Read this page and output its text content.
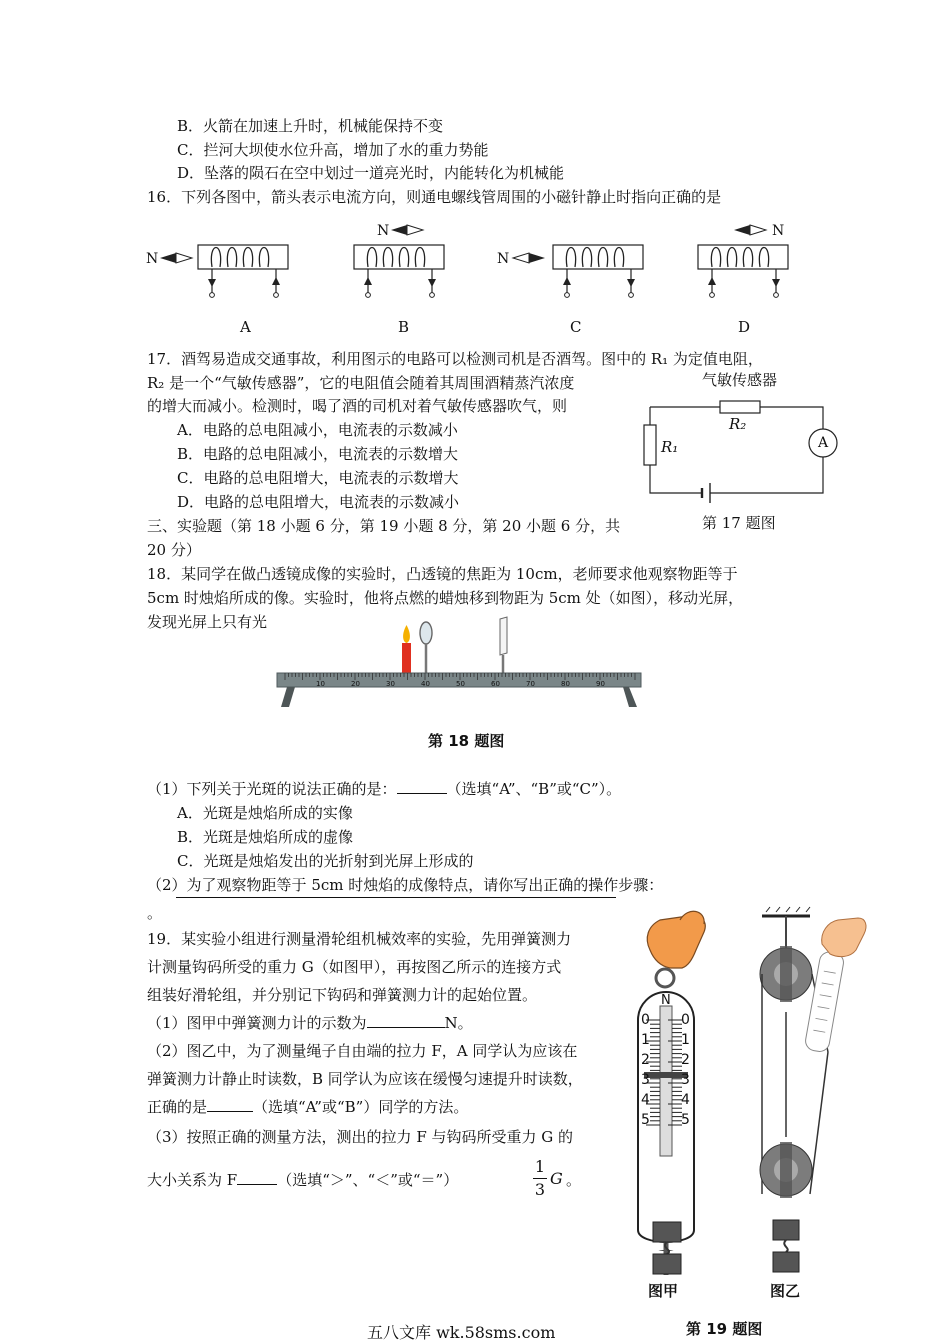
B．火箭在加速上升时，机械能保持不变
C．拦河大坝使水位升高，增加了水的重力势能
D．坠落的陨石在空中划过一道亮光时，内能转化为机械能
16．下列各图中，箭头表示电流方向，则通电螺线管周围的小磁针静止时指向正确的是
N
N
N
N
A	B	C	D
17．酒驾易造成交通事故，利用图示的电路可以检测司机是否酒驾。图中的 R₁ 为定值电阻，
R₂ 是一个“气敏传感器”，它的电阻值会随着其周围酒精蒸汽浓度
的增大而减小。检测时，喝了酒的司机对着气敏传感器吹气，则
A．电路的总电阻减小，电流表的示数减小
B．电路的总电阻减小，电流表的示数增大
C．电路的总电阻增大，电流表的示数增大
D．电路的总电阻增大，电流表的示数减小
气敏传感器
R₂
R₁	A
第 17 题图
三、实验题（第 18 小题 6 分，第 19 小题 8 分，第 20 小题 6 分，共
20 分）
18．某同学在做凸透镜成像的实验时，凸透镜的焦距为 10cm，老师要求他观察物距等于
5cm 时烛焰所成的像。实验时，他将点燃的蜡烛移到物距为 5cm 处（如图），移动光屏，
发现光屏上只有光
10	20	30	40	50	60	70	80	90
第 18 题图
（1）下列关于光斑的说法正确的是：	（选填“A”、“B”或“C”）。
A．光斑是烛焰所成的实像
B．光斑是烛焰所成的虚像
C．光斑是烛焰发出的光折射到光屏上形成的
（2）为了观察物距等于 5cm 时烛焰的成像特点，请你写出正确的操作步骤：
。
19．某实验小组进行测量滑轮组机械效率的实验，先用弹簧测力
计测量钩码所受的重力 G（如图甲），再按图乙所示的连接方式
组装好滑轮组，并分别记下钩码和弹簧测力计的起始位置。
（1）图甲中弹簧测力计的示数为	N。
（2）图乙中，为了测量绳子自由端的拉力 F，A 同学认为应该在
弹簧测力计静止时读数，B 同学认为应该在缓慢匀速提升时读数，
正确的是	（选填“A”或“B”）同学的方法。
（3）按照正确的测量方法，测出的拉力 F 与钩码所受重力 G 的
大小关系为 F	（选填“＞”、“＜”或“＝”）
1
3
G 。
0
1
2
3
4
5
0
1
2
3
4
5
N
图甲	图乙
第 19 题图
五八文库 wk.58sms.com
